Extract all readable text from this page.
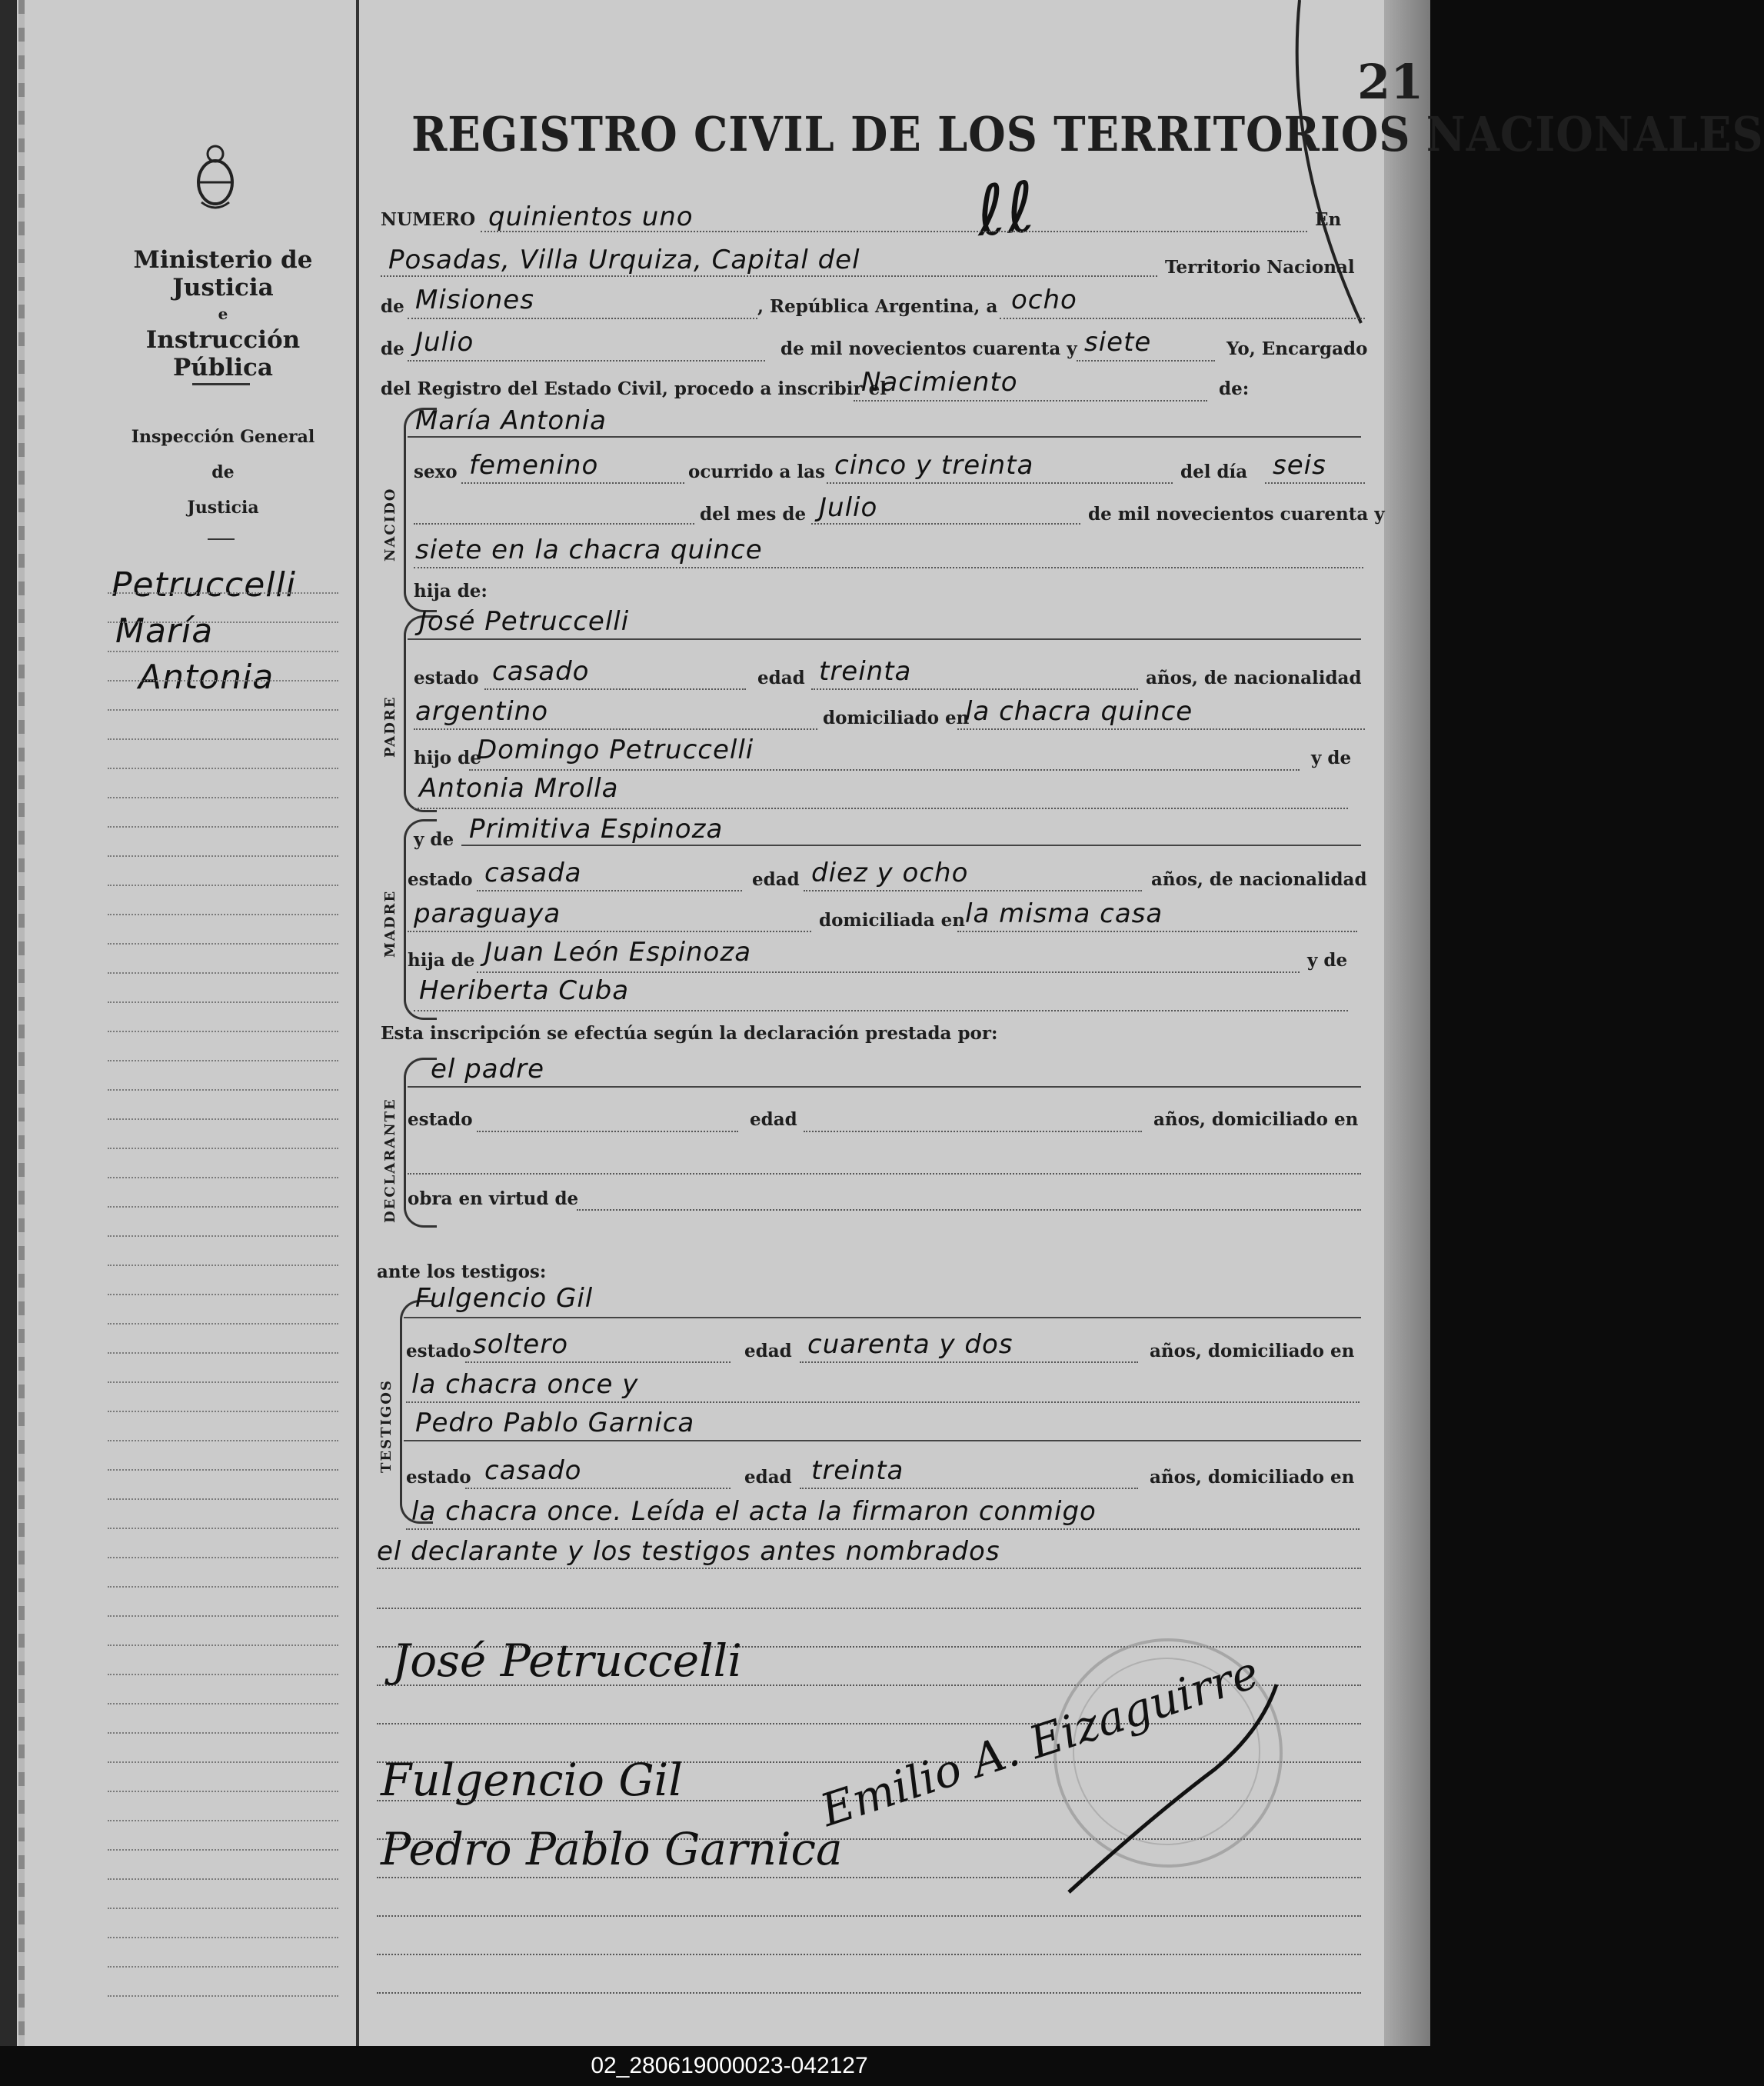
Ministerio de Justicia
e
Instrucción Pública
Inspección General
de
Justicia
Petruccelli
María
Antonia
REGISTRO CIVIL DE LOS TERRITORIOS NACIONALES
21
ℓℓ
NUMERO quinientos uno	En
Posadas, Villa Urquiza, Capital del	Territorio Nacional
de Misiones	, República Argentina, a ocho
de Julio	de mil novecientos cuarenta y siete	Yo, Encargado
del Registro del Estado Civil, procedo a inscribir el
Nacimiento	de:
NACIDO
María Antonia
sexo femenino	ocurrido a las cinco y treinta	del día seis
del mes de Julio	de mil novecientos cuarenta y
siete en la chacra quince
hija de:
PADRE
José Petruccelli
estado casado	edad treinta	años, de nacionalidad
argentino	domiciliado en
la chacra quince
hijo de
Domingo Petruccelli	y de
Antonia Mrolla
MADRE
y de Primitiva Espinoza
estado casada	edad diez y ocho	años, de nacionalidad
paraguaya	domiciliada en la misma casa
hija de Juan León Espinoza	y de
Heriberta Cuba
Esta inscripción se efectúa según la declaración prestada por:
DECLARANTE
el padre
estado	edad	años, domiciliado en
obra en virtud de
ante los testigos:
TESTIGOS
Fulgencio Gil
estado soltero	edad cuarenta y dos	años, domiciliado en
la chacra once y
Pedro Pablo Garnica
estado casado	edad treinta	años, domiciliado en
la chacra once. Leída el acta la firmaron conmigo
el declarante y los testigos antes nombrados
José Petruccelli
Fulgencio Gil
Pedro Pablo Garnica
Emilio A. Eizaguirre
02_280619000023-042127
